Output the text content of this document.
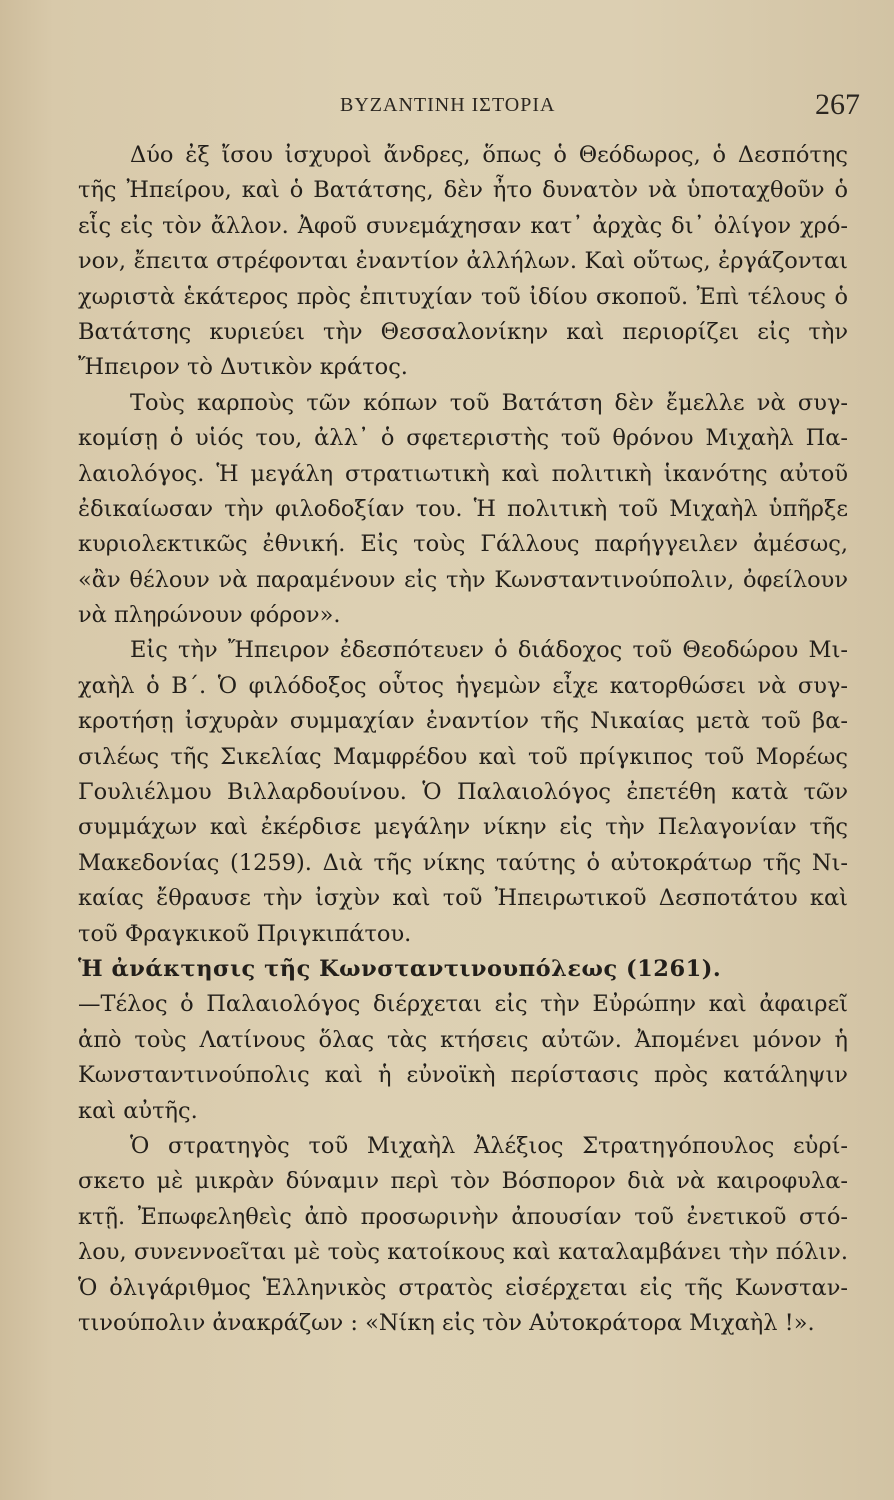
ΒΥΖΑΝΤΙΝΗ ΙΣΤΟΡΙΑ	267
Δύο ἐξ ἴσου ἰσχυροὶ ἄνδρες, ὅπως ὁ Θεόδωρος, ὁ Δεσπότης
τῆς Ἠπείρου, καὶ ὁ Βατάτσης, δὲν ἦτο δυνατὸν νὰ ὑποταχθοῦν ὁ
εἷς εἰς τὸν ἄλλον. Ἀφοῦ συνεμάχησαν κατ᾽ ἀρχὰς δι᾽ ὀλίγον χρό-
νον, ἔπειτα στρέφονται ἐναντίον ἀλλήλων. Καὶ οὕτως, ἐργάζονται
χωριστὰ ἑκάτερος πρὸς ἐπιτυχίαν τοῦ ἰδίου σκοποῦ. Ἐπὶ τέλους ὁ
Βατάτσης κυριεύει τὴν Θεσσαλονίκην καὶ περιορίζει εἰς τὴν
Ἤπειρον τὸ Δυτικὸν κράτος.
Τοὺς καρποὺς τῶν κόπων τοῦ Βατάτση δὲν ἔμελλε νὰ συγ-
κομίσῃ ὁ υἱός του, ἀλλ᾽ ὁ σφετεριστὴς τοῦ θρόνου Μιχαὴλ Πα-
λαιολόγος. Ἡ μεγάλη στρατιωτικὴ καὶ πολιτικὴ ἱκανότης αὐτοῦ
ἐδικαίωσαν τὴν φιλοδοξίαν του. Ἡ πολιτικὴ τοῦ Μιχαὴλ ὑπῆρξε
κυριολεκτικῶς ἐθνική. Εἰς τοὺς Γάλλους παρήγγειλεν ἀμέσως,
«ἂν θέλουν νὰ παραμένουν εἰς τὴν Κωνσταντινούπολιν, ὀφείλουν
νὰ πληρώνουν φόρον».
Εἰς τὴν Ἤπειρον ἐδεσπότευεν ὁ διάδοχος τοῦ Θεοδώρου Μι-
χαὴλ ὁ Β΄. Ὁ φιλόδοξος οὗτος ἡγεμὼν εἶχε κατορθώσει νὰ συγ-
κροτήσῃ ἰσχυρὰν συμμαχίαν ἐναντίον τῆς Νικαίας μετὰ τοῦ βα-
σιλέως τῆς Σικελίας Μαμφρέδου καὶ τοῦ πρίγκιπος τοῦ Μορέως
Γουλιέλμου Βιλλαρδουίνου. Ὁ Παλαιολόγος ἐπετέθη κατὰ τῶν
συμμάχων καὶ ἐκέρδισε μεγάλην νίκην εἰς τὴν Πελαγονίαν τῆς
Μακεδονίας (1259). Διὰ τῆς νίκης ταύτης ὁ αὐτοκράτωρ τῆς Νι-
καίας ἔθραυσε τὴν ἰσχὺν καὶ τοῦ Ἠπειρωτικοῦ Δεσποτάτου καὶ
τοῦ Φραγκικοῦ Πριγκιπάτου.
Ἡ ἀνάκτησις τῆς Κωνσταντινουπόλεως (1261).
—Τέλος ὁ Παλαιολόγος διέρχεται εἰς τὴν Εὐρώπην καὶ ἀφαιρεῖ
ἀπὸ τοὺς Λατίνους ὅλας τὰς κτήσεις αὐτῶν. Ἀπομένει μόνον ἡ
Κωνσταντινούπολις καὶ ἡ εὐνοϊκὴ περίστασις πρὸς κατάληψιν
καὶ αὐτῆς.
Ὁ στρατηγὸς τοῦ Μιχαὴλ Ἀλέξιος Στρατηγόπουλος εὑρί-
σκετο μὲ μικρὰν δύναμιν περὶ τὸν Βόσπορον διὰ νὰ καιροφυλα-
κτῇ. Ἐπωφεληθεὶς ἀπὸ προσωρινὴν ἀπουσίαν τοῦ ἐνετικοῦ στό-
λου, συνεννοεῖται μὲ τοὺς κατοίκους καὶ καταλαμβάνει τὴν πόλιν.
Ὁ ὀλιγάριθμος Ἑλληνικὸς στρατὸς εἰσέρχεται εἰς τῆς Κωνσταν-
τινούπολιν ἀνακράζων : «Νίκη εἰς τὸν Αὐτοκράτορα Μιχαὴλ !».
